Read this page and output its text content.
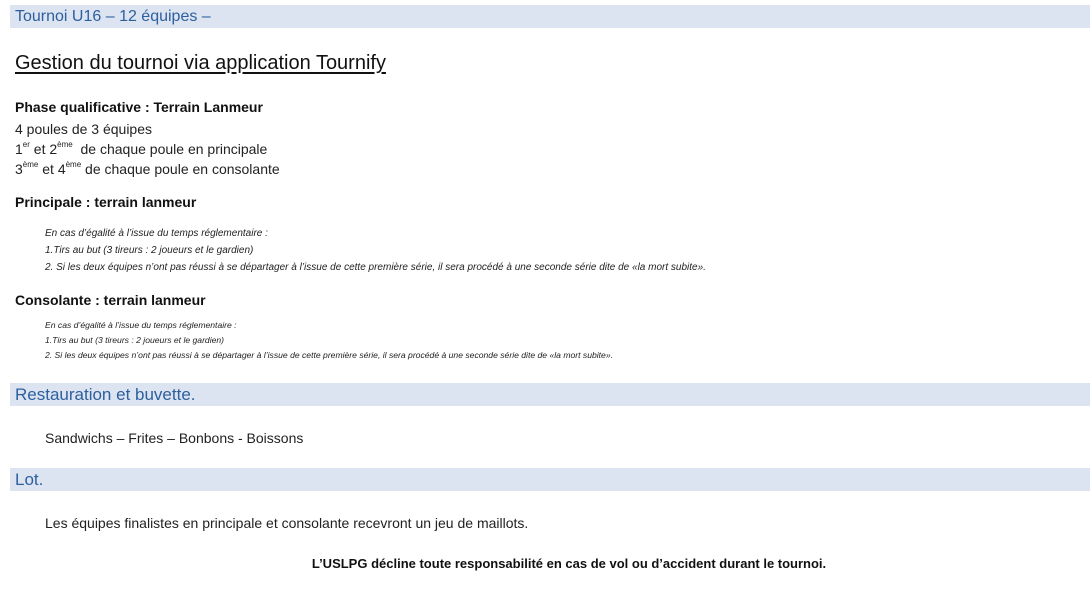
Tournoi U16 – 12 équipes –
Gestion du tournoi via application Tournify
Phase qualificative : Terrain Lanmeur
4 poules de 3 équipes
1er et 2ème  de chaque poule en principale
3ème et 4ème de chaque poule en consolante
Principale : terrain lanmeur
En cas d’égalité à l’issue du temps réglementaire :
1.Tirs au but (3 tireurs : 2 joueurs et le gardien)
2. Si les deux équipes n’ont pas réussi à se départager à l’issue de cette première série, il sera procédé à une seconde série dite de «la mort subite».
Consolante : terrain lanmeur
En cas d’égalité à l’issue du temps réglementaire :
1.Tirs au but (3 tireurs : 2 joueurs et le gardien)
2. Si les deux équipes n’ont pas réussi à se départager à l’issue de cette première série, il sera procédé à une seconde série dite de «la mort subite».
Restauration et buvette.
Sandwichs – Frites – Bonbons - Boissons
Lot.
Les équipes finalistes en principale et consolante recevront un jeu de maillots.
L’USLPG décline toute responsabilité en cas de vol ou d’accident durant le tournoi.
